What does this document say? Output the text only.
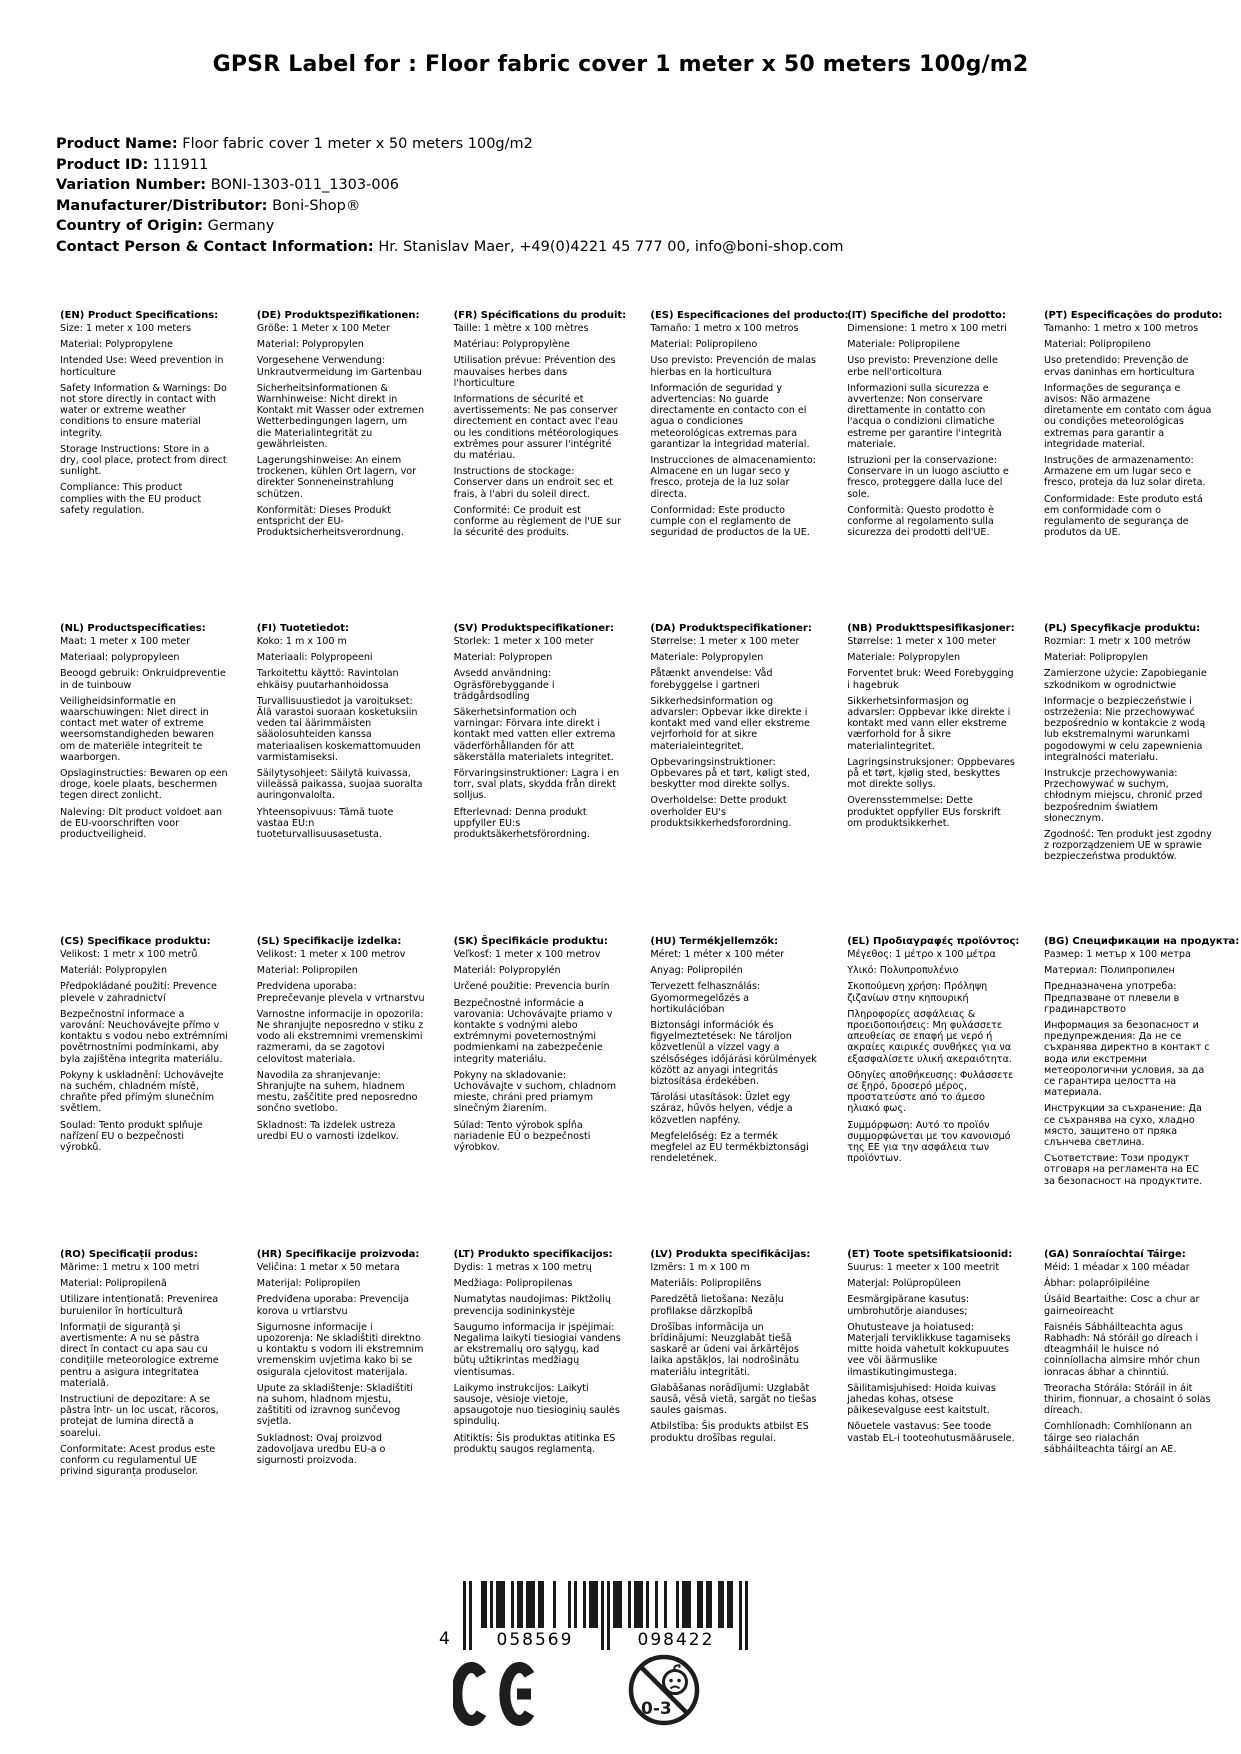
GPSR Label for : Floor fabric cover 1 meter x 50 meters 100g/m2
Product Name: Floor fabric cover 1 meter x 50 meters 100g/m2
Product ID: 111911
Variation Number: BONI-1303-011_1303-006
Manufacturer/Distributor: Boni-Shop®
Country of Origin: Germany
Contact Person & Contact Information: Hr. Stanislav Maer, +49(0)4221 45 777 00, info@boni-shop.com
(EN) Product Specifications:
Size: 1 meter x 100 meters
Material: Polypropylene
Intended Use: Weed prevention in horticulture
Safety Information & Warnings: Do not store directly in contact with water or extreme weather conditions to ensure material integrity.
Storage Instructions: Store in a dry, cool place, protect from direct sunlight.
Compliance: This product complies with the EU product safety regulation.
(DE) Produktspezifikationen:
Größe: 1 Meter x 100 Meter
Material: Polypropylen
Vorgesehene Verwendung: Unkrautvermeidung im Gartenbau
Sicherheitsinformationen & Warnhinweise: Nicht direkt in Kontakt mit Wasser oder extremen Wetterbedingungen lagern, um die Materialintegrität zu gewährleisten.
Lagerungshinweise: An einem trockenen, kühlen Ort lagern, vor direkter Sonneneinstrahlung schützen.
Konformität: Dieses Produkt entspricht der EU-Produktsicherheitsverordnung.
(FR) Spécifications du produit:
Taille: 1 mètre x 100 mètres
Matériau: Polypropylène
Utilisation prévue: Prévention des mauvaises herbes dans l'horticulture
Informations de sécurité et avertissements: Ne pas conserver directement en contact avec l'eau ou les conditions météorologiques extrêmes pour assurer l'intégrité du matériau.
Instructions de stockage: Conserver dans un endroit sec et frais, à l'abri du soleil direct.
Conformité: Ce produit est conforme au règlement de l'UE sur la sécurité des produits.
(ES) Especificaciones del producto:
Tamaño: 1 metro x 100 metros
Material: Polipropileno
Uso previsto: Prevención de malas hierbas en la horticultura
Información de seguridad y advertencias: No guarde directamente en contacto con el agua o condiciones meteorológicas extremas para garantizar la integridad material.
Instrucciones de almacenamiento: Almacene en un lugar seco y fresco, proteja de la luz solar directa.
Conformidad: Este producto cumple con el reglamento de seguridad de productos de la UE.
(IT) Specifiche del prodotto:
Dimensione: 1 metro x 100 metri
Materiale: Polipropilene
Uso previsto: Prevenzione delle erbe nell'orticoltura
Informazioni sulla sicurezza e avvertenze: Non conservare direttamente in contatto con l'acqua o condizioni climatiche estreme per garantire l'integrità materiale.
Istruzioni per la conservazione: Conservare in un luogo asciutto e fresco, proteggere dalla luce del sole.
Conformità: Questo prodotto è conforme al regolamento sulla sicurezza dei prodotti dell'UE.
(PT) Especificações do produto:
Tamanho: 1 metro x 100 metros
Material: Polipropileno
Uso pretendido: Prevenção de ervas daninhas em horticultura
Informações de segurança e avisos: Não armazene diretamente em contato com água ou condições meteorológicas extremas para garantir a integridade material.
Instruções de armazenamento: Armazene em um lugar seco e fresco, proteja da luz solar direta.
Conformidade: Este produto está em conformidade com o regulamento de segurança de produtos da UE.
(NL) Productspecificaties:
Maat: 1 meter x 100 meter
Materiaal: polypropyleen
Beoogd gebruik: Onkruidpreventie in de tuinbouw
Veiligheidsinformatie en waarschuwingen: Niet direct in contact met water of extreme weersomstandigheden bewaren om de materiële integriteit te waarborgen.
Opslaginstructies: Bewaren op een droge, koele plaats, beschermen tegen direct zonlicht.
Naleving: Dit product voldoet aan de EU-voorschriften voor productveiligheid.
(FI) Tuotetiedot:
Koko: 1 m x 100 m
Materiaali: Polypropeeni
Tarkoitettu käyttö: Ravintolan ehkäisy puutarhanhoidossa
Turvallisuustiedot ja varoitukset: Älä varastoi suoraan kosketuksiin veden tai äärimmäisten sääolosuhteiden kanssa materiaalisen koskemattomuuden varmistamiseksi.
Säilytysohjeet: Säilytä kuivassa, viileässä paikassa, suojaa suoralta auringonvalolta.
Yhteensopivuus: Tämä tuote vastaa EU:n tuoteturvallisuusasetusta.
(SV) Produktspecifikationer:
Storlek: 1 meter x 100 meter
Material: Polypropen
Avsedd användning: Ogräsförebyggande i trädgårdsodling
Säkerhetsinformation och varningar: Förvara inte direkt i kontakt med vatten eller extrema väderförhållanden för att säkerställa materialets integritet.
Förvaringsinstruktioner: Lagra i en torr, sval plats, skydda från direkt solljus.
Efterlevnad: Denna produkt uppfyller EU:s produktsäkerhetsförordning.
(DA) Produktspecifikationer:
Størrelse: 1 meter x 100 meter
Materiale: Polypropylen
Påtænkt anvendelse: Våd forebyggelse i gartneri
Sikkerhedsinformation og advarsler: Opbevar ikke direkte i kontakt med vand eller ekstreme vejrforhold for at sikre materialeintegritet.
Opbevaringsinstruktioner: Opbevares på et tørt, køligt sted, beskytter mod direkte sollys.
Overholdelse: Dette produkt overholder EU's produktsikkerhedsforordning.
(NB) Produkttspesifikasjoner:
Størrelse: 1 meter x 100 meter
Materiale: Polypropylen
Forventet bruk: Weed Forebygging i hagebruk
Sikkerhetsinformasjon og advarsler: Oppbevar ikke direkte i kontakt med vann eller ekstreme værforhold for å sikre materialintegritet.
Lagringsinstruksjoner: Oppbevares på et tørt, kjølig sted, beskyttes mot direkte sollys.
Overensstemmelse: Dette produktet oppfyller EUs forskrift om produktsikkerhet.
(PL) Specyfikacje produktu:
Rozmiar: 1 metr x 100 metrów
Materiał: Polipropylen
Zamierzone użycie: Zapobieganie szkodnikom w ogrodnictwie
Informacje o bezpieczeństwie i ostrzeżenia: Nie przechowywać bezpośrednio w kontakcie z wodą lub ekstremalnymi warunkami pogodowymi w celu zapewnienia integralności materiału.
Instrukcje przechowywania: Przechowywać w suchym, chłodnym miejscu, chronić przed bezpośrednim światłem słonecznym.
Zgodność: Ten produkt jest zgodny z rozporządzeniem UE w sprawie bezpieczeństwa produktów.
(CS) Specifikace produktu:
Velikost: 1 metr x 100 metrů
Materiál: Polypropylen
Předpokládané použití: Prevence plevele v zahradnictví
Bezpečnostní informace a varování: Neuchovávejte přímo v kontaktu s vodou nebo extrémními povětrnostními podmínkami, aby byla zajištěna integrita materiálu.
Pokyny k uskladnění: Uchovávejte na suchém, chladném místě, chraňte před přímým slunečním světlem.
Soulad: Tento produkt splňuje nařízení EU o bezpečnosti výrobků.
(SL) Specifikacije izdelka:
Velikost: 1 meter x 100 metrov
Material: Polipropilen
Predvidena uporaba: Preprečevanje plevela v vrtnarstvu
Varnostne informacije in opozorila: Ne shranjujte neposredno v stiku z vodo ali ekstremnimi vremenskimi razmerami, da se zagotovi celovitost materiala.
Navodila za shranjevanje: Shranjujte na suhem, hladnem mestu, zaščitite pred neposredno sončno svetlobo.
Skladnost: Ta izdelek ustreza uredbi EU o varnosti izdelkov.
(SK) Špecifikácie produktu:
Veľkosť: 1 meter x 100 metrov
Materiál: Polypropylén
Určené použitie: Prevencia burín
Bezpečnostné informácie a varovania: Uchovávajte priamo v kontakte s vodnými alebo extrémnymi poveternostnými podmienkami na zabezpečenie integrity materiálu.
Pokyny na skladovanie: Uchovávajte v suchom, chladnom mieste, chráni pred priamym slnečným žiarením.
Súlad: Tento výrobok spĺňa nariadenie EÚ o bezpečnosti výrobkov.
(HU) Termékjellemzők:
Méret: 1 méter x 100 méter
Anyag: Polipropilén
Tervezett felhasználás: Gyomormegelőzés a hortikulációban
Biztonsági információk és figyelmeztetések: Ne tároljon közvetlenül a vízzel vagy a szélsőséges időjárási körülmények között az anyagi integritás biztosítása érdekében.
Tárolási utasítások: Üzlet egy száraz, hűvös helyen, védje a közvetlen napfény.
Megfelelőség: Ez a termék megfelel az EU termékbiztonsági rendeletének.
(EL) Προδιαγραφές προϊόντος:
Μέγεθος: 1 μέτρο x 100 μέτρα
Υλικό: Πολυπροπυλένιο
Σκοπούμενη χρήση: Πρόληψη ζιζανίων στην κηπουρική
Πληροφορίες ασφάλειας & προειδοποιήσεις: Μη φυλάσσετε απευθείας σε επαφή με νερό ή ακραίες καιρικές συνθήκες για να εξασφαλίσετε υλική ακεραιότητα.
Οδηγίες αποθήκευσης: Φυλάσσετε σε ξηρό, δροσερό μέρος, προστατεύστε από το άμεσο ηλιακό φως.
Συμμόρφωση: Αυτό το προϊόν συμμορφώνεται με τον κανονισμό της ΕΕ για την ασφάλεια των προϊόντων.
(BG) Спецификации на продукта:
Размер: 1 метър x 100 метра
Материал: Полипропилен
Предназначена употреба: Предпазване от плевели в градинарството
Информация за безопасност и предупреждения: Да не се съхранява директно в контакт с вода или екстремни метеорологични условия, за да се гарантира целостта на материала.
Инструкции за съхранение: Да се съхранява на сухо, хладно място, защитено от пряка слънчева светлина.
Съответствие: Този продукт отговаря на регламента на ЕС за безопасност на продуктите.
(RO) Specificații produs:
Mărime: 1 metru x 100 metri
Material: Polipropilenă
Utilizare intenționată: Prevenirea buruienilor în horticultură
Informații de siguranță și avertismente: A nu se păstra direct în contact cu apa sau cu condițiile meteorologice extreme pentru a asigura integritatea materială.
Instructiuni de depozitare: A se păstra într- un loc uscat, răcoros, protejat de lumina directă a soarelui.
Conformitate: Acest produs este conform cu regulamentul UE privind siguranța produselor.
(HR) Specifikacije proizvoda:
Veličina: 1 metar x 50 metara
Materijal: Polipropilen
Predviđena uporaba: Prevencija korova u vrtlarstvu
Sigurnosne informacije i upozorenja: Ne skladištiti direktno u kontaktu s vodom ili ekstremnim vremenskim uvjetima kako bi se osigurala cjelovitost materijala.
Upute za skladištenje: Skladištiti na suhom, hladnom mjestu, zaštititi od izravnog sunčevog svjetla.
Sukladnost: Ovaj proizvod zadovoljava uredbu EU-a o sigurnosti proizvoda.
(LT) Produkto specifikacijos:
Dydis: 1 metras x 100 metrų
Medžiaga: Polipropilenas
Numatytas naudojimas: Piktžolių prevencija sodininkystėje
Saugumo informacija ir įspėjimai: Negalima laikyti tiesiogiai vandens ar ekstremalių oro sąlygų, kad būtų užtikrintas medžiagų vientisumas.
Laikymo instrukcijos: Laikyti sausoje, vėsioje vietoje, apsaugotoje nuo tiesioginių saulės spindulių.
Atitiktis: Šis produktas atitinka ES produktų saugos reglamentą.
(LV) Produkta specifikācijas:
Izmērs: 1 m x 100 m
Materiāls: Polipropilēns
Paredzētā lietošana: Nezāļu profilakse dārzkopībā
Drošības informācija un brīdinājumi: Neuzglabāt tiešā saskarē ar ūdeni vai ārkārtējos laika apstākļos, lai nodrošinātu materiālu integritāti.
Glabāšanas norādījumi: Uzglabāt sausā, vēsā vietā, sargāt no tiešas saules gaismas.
Atbilstība: Šis produkts atbilst ES produktu drošības regulai.
(ET) Toote spetsifikatsioonid:
Suurus: 1 meeter x 100 meetrit
Materjal: Polüpropüleen
Eesmärgipärane kasutus: umbrohutõrje aianduses;
Ohutusteave ja hoiatused: Materjali terviklikkuse tagamiseks mitte hoida vahetult kokkupuutes vee või äärmuslike ilmastikutingimustega.
Säilitamisjuhised: Hoida kuivas jahedas kohas, otsese päikesevalguse eest kaitstult.
Nõuetele vastavus: See toode vastab EL-i tooteohutusmäärusele.
(GA) Sonraíochtaí Táirge:
Méid: 1 méadar x 100 méadar
Ábhar: polapróipiléine
Úsáid Beartaithe: Cosc a chur ar gairneoireacht
Faisnéis Sábháilteachta agus Rabhadh: Ná stóráil go díreach i dteagmháil le huisce nó coinníollacha aimsire mhór chun ionracas ábhar a chinntiú.
Treoracha Stórála: Stóráil in áit thirim, fionnuar, a chosaint ó solas díreach.
Comhlíonadh: Comhlíonann an táirge seo rialachán sábháilteachta táirgí an AE.
4	058569	098422
0-3
